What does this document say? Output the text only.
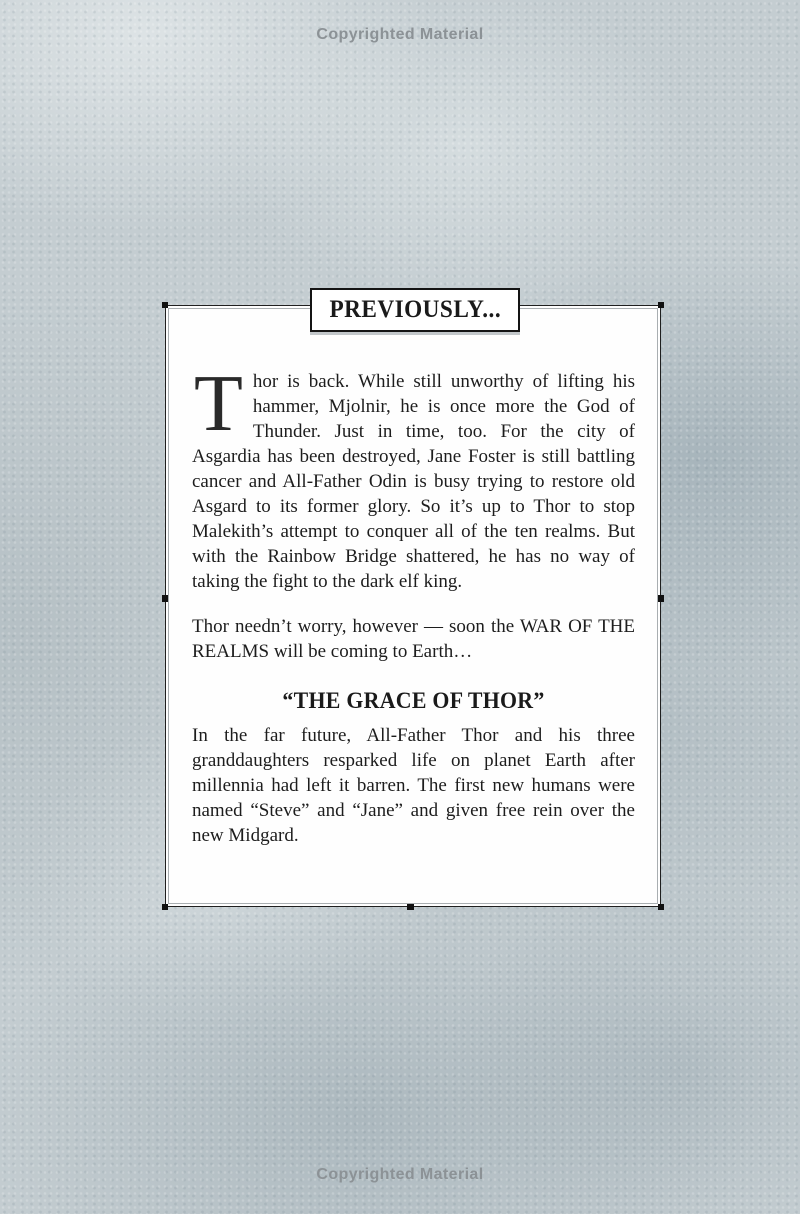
Copyrighted Material
PREVIOUSLY...

Thor is back. While still unworthy of lifting his hammer, Mjolnir, he is once more the God of Thunder. Just in time, too. For the city of Asgardia has been destroyed, Jane Foster is still battling cancer and All-Father Odin is busy trying to restore old Asgard to its former glory. So it’s up to Thor to stop Malekith’s attempt to conquer all of the ten realms. But with the Rainbow Bridge shattered, he has no way of taking the fight to the dark elf king.

Thor needn’t worry, however — soon the WAR OF THE REALMS will be coming to Earth…

“THE GRACE OF THOR”

In the far future, All-Father Thor and his three granddaughters resparked life on planet Earth after millennia had left it barren. The first new humans were named “Steve” and “Jane” and given free rein over the new Midgard.

Copyrighted Material
